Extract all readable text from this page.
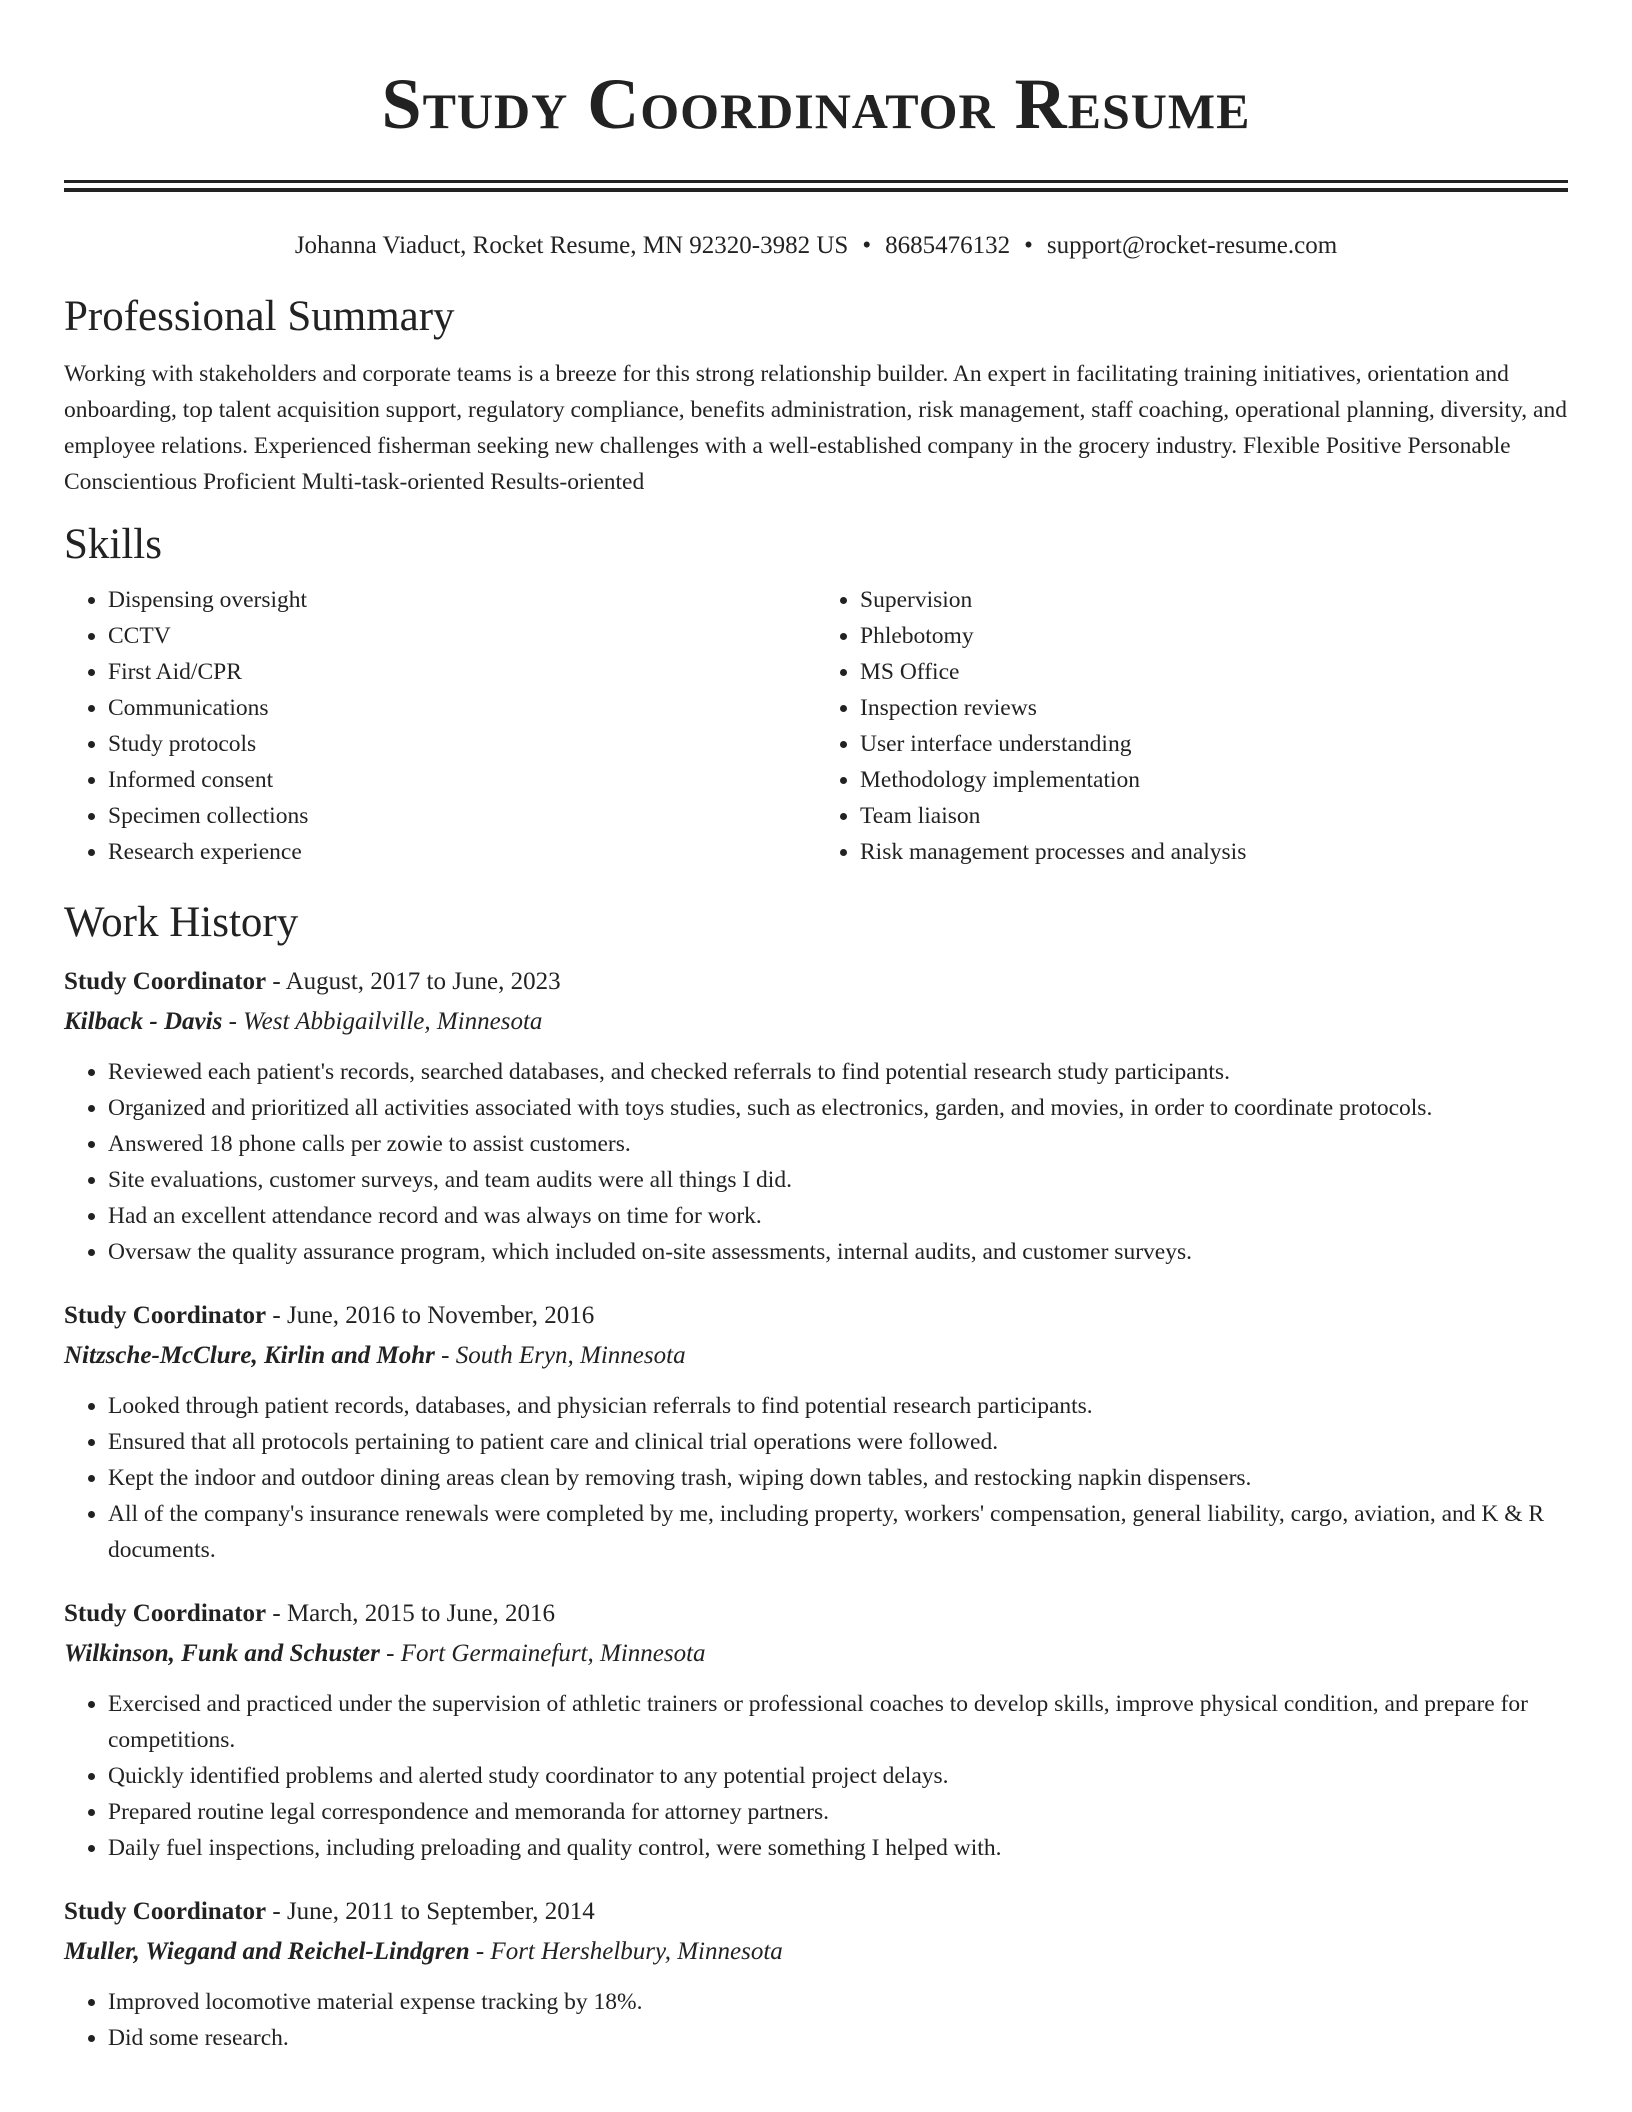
Study Coordinator Resume
Johanna Viaduct, Rocket Resume, MN 92320-3982 US • 8685476132 • support@rocket-resume.com
Professional Summary
Working with stakeholders and corporate teams is a breeze for this strong relationship builder. An expert in facilitating training initiatives, orientation and onboarding, top talent acquisition support, regulatory compliance, benefits administration, risk management, staff coaching, operational planning, diversity, and employee relations. Experienced fisherman seeking new challenges with a well-established company in the grocery industry. Flexible Positive Personable Conscientious Proficient Multi-task-oriented Results-oriented
Skills
• Dispensing oversight
• CCTV
• First Aid/CPR
• Communications
• Study protocols
• Informed consent
• Specimen collections
• Research experience
• Supervision
• Phlebotomy
• MS Office
• Inspection reviews
• User interface understanding
• Methodology implementation
• Team liaison
• Risk management processes and analysis
Work History
Study Coordinator - August, 2017 to June, 2023
Kilback - Davis - West Abbigailville, Minnesota
• Reviewed each patient's records, searched databases, and checked referrals to find potential research study participants.
• Organized and prioritized all activities associated with toys studies, such as electronics, garden, and movies, in order to coordinate protocols.
• Answered 18 phone calls per zowie to assist customers.
• Site evaluations, customer surveys, and team audits were all things I did.
• Had an excellent attendance record and was always on time for work.
• Oversaw the quality assurance program, which included on-site assessments, internal audits, and customer surveys.
Study Coordinator - June, 2016 to November, 2016
Nitzsche-McClure, Kirlin and Mohr - South Eryn, Minnesota
• Looked through patient records, databases, and physician referrals to find potential research participants.
• Ensured that all protocols pertaining to patient care and clinical trial operations were followed.
• Kept the indoor and outdoor dining areas clean by removing trash, wiping down tables, and restocking napkin dispensers.
• All of the company's insurance renewals were completed by me, including property, workers' compensation, general liability, cargo, aviation, and K & R documents.
Study Coordinator - March, 2015 to June, 2016
Wilkinson, Funk and Schuster - Fort Germainefurt, Minnesota
• Exercised and practiced under the supervision of athletic trainers or professional coaches to develop skills, improve physical condition, and prepare for competitions.
• Quickly identified problems and alerted study coordinator to any potential project delays.
• Prepared routine legal correspondence and memoranda for attorney partners.
• Daily fuel inspections, including preloading and quality control, were something I helped with.
Study Coordinator - June, 2011 to September, 2014
Muller, Wiegand and Reichel-Lindgren - Fort Hershelbury, Minnesota
• Improved locomotive material expense tracking by 18%.
• Did some research.
